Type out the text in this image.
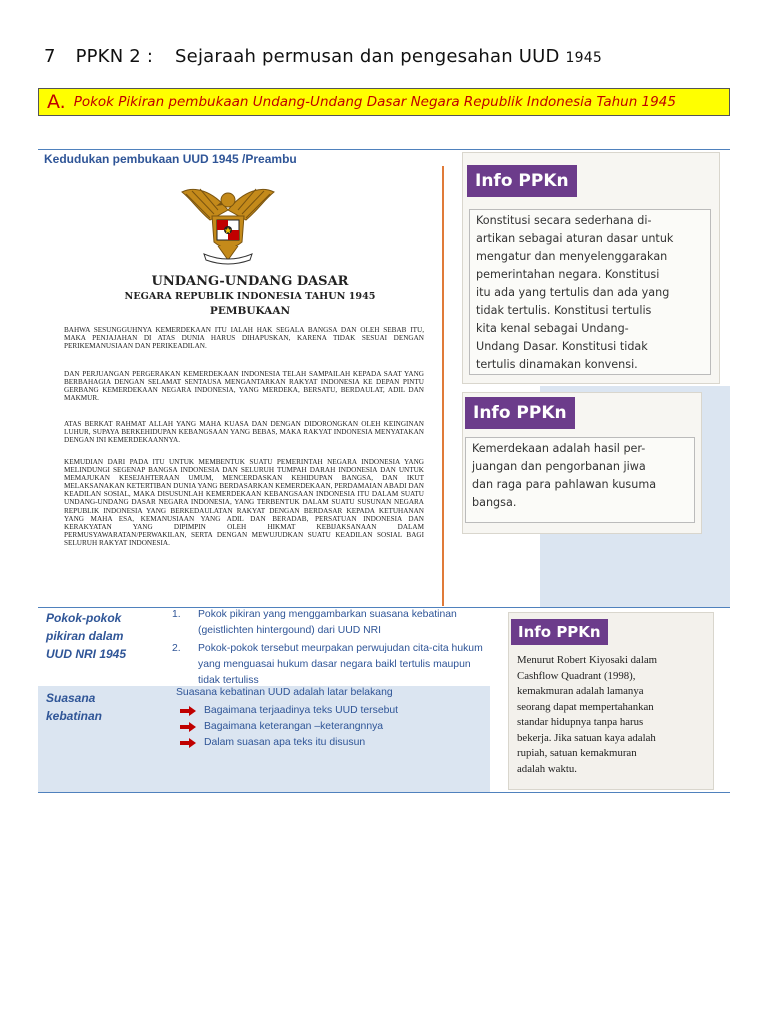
7 PPKN 2 : Sejaraah permusan dan pengesahan UUD 1945
A. Pokok Pikiran pembukaan Undang-Undang Dasar Negara Republik Indonesia Tahun 1945
Kedudukan pembukaan UUD 1945 /Preambu
UNDANG-UNDANG DASAR
NEGARA REPUBLIK INDONESIA TAHUN 1945
PEMBUKAAN
BAHWA SESUNGGUHNYA KEMERDEKAAN ITU IALAH HAK SEGALA BANGSA DAN OLEH SEBAB ITU, MAKA PENJAJAHAN DI ATAS DUNIA HARUS DIHAPUSKAN, KARENA TIDAK SESUAI DENGAN PERIKEMANUSIAAN DAN PERIKEADILAN.
DAN PERJUANGAN PERGERAKAN KEMERDEKAAN INDONESIA TELAH SAMPAILAH KEPADA SAAT YANG BERBAHAGIA DENGAN SELAMAT SENTAUSA MENGANTARKAN RAKYAT INDONESIA KE DEPAN PINTU GERBANG KEMERDEKAAN NEGARA INDONESIA, YANG MERDEKA, BERSATU, BERDAULAT, ADIL DAN MAKMUR.
ATAS BERKAT RAHMAT ALLAH YANG MAHA KUASA DAN DENGAN DIDORONGKAN OLEH KEINGINAN LUHUR, SUPAYA BERKEHIDUPAN KEBANGSAAN YANG BEBAS, MAKA RAKYAT INDONESIA MENYATAKAN DENGAN INI KEMERDEKAANNYA.
KEMUDIAN DARI PADA ITU UNTUK MEMBENTUK SUATU PEMERINTAH NEGARA INDONESIA YANG MELINDUNGI SEGENAP BANGSA INDONESIA DAN SELURUH TUMPAH DARAH INDONESIA DAN UNTUK MEMAJUKAN KESEJAHTERAAN UMUM, MENCERDASKAN KEHIDUPAN BANGSA, DAN IKUT MELAKSANAKAN KETERTIBAN DUNIA YANG BERDASARKAN KEMERDEKAAN, PERDAMAIAN ABADI DAN KEADILAN SOSIAL, MAKA DISUSUNLAH KEMERDEKAAN KEBANGSAAN INDONESIA ITU DALAM SUATU UNDANG-UNDANG DASAR NEGARA INDONESIA, YANG TERBENTUK DALAM SUATU SUSUNAN NEGARA REPUBLIK INDONESIA YANG BERKEDAULATAN RAKYAT DENGAN BERDASAR KEPADA KETUHANAN YANG MAHA ESA, KEMANUSIAAN YANG ADIL DAN BERADAB, PERSATUAN INDONESIA DAN KERAKYATAN YANG DIPIMPIN OLEH HIKMAT KEBIJAKSANAAN DALAM PERMUSYAWARATAN/PERWAKILAN, SERTA DENGAN MEWUJUDKAN SUATU KEADILAN SOSIAL BAGI SELURUH RAKYAT INDONESIA.
Info PPKn
Konstitusi secara sederhana di-
artikan sebagai aturan dasar untuk
mengatur dan menyelenggarakan
pemerintahan negara. Konstitusi
itu ada yang tertulis dan ada yang
tidak tertulis. Konstitusi tertulis
kita kenal sebagai Undang-
Undang Dasar. Konstitusi tidak
tertulis dinamakan konvensi.
Info PPKn
Kemerdekaan adalah hasil per-
juangan dan pengorbanan jiwa
dan raga para pahlawan kusuma
bangsa.
Pokok-pokok
pikiran dalam
UUD NRI 1945
1.	Pokok pikiran yang menggambarkan suasana kebatinan (geistlichten hintergound) dari UUD NRI
2.	Pokok-pokok tersebut meurpakan perwujudan cita-cita hukum yang menguasai hukum dasar negara baikl tertulis maupun tidak tertuliss
Suasana
kebatinan
Suasana kebatinan UUD adalah latar belakang
Bagaimana terjaadinya teks UUD tersebut
Bagaimana keterangan –keterangnnya
Dalam suasan apa teks itu disusun
Info PPKn
Menurut Robert Kiyosaki dalam
Cashflow Quadrant (1998),
kemakmuran adalah lamanya
seorang dapat mempertahankan
standar hidupnya tanpa harus
bekerja. Jika satuan kaya adalah
rupiah, satuan kemakmuran
adalah waktu.
